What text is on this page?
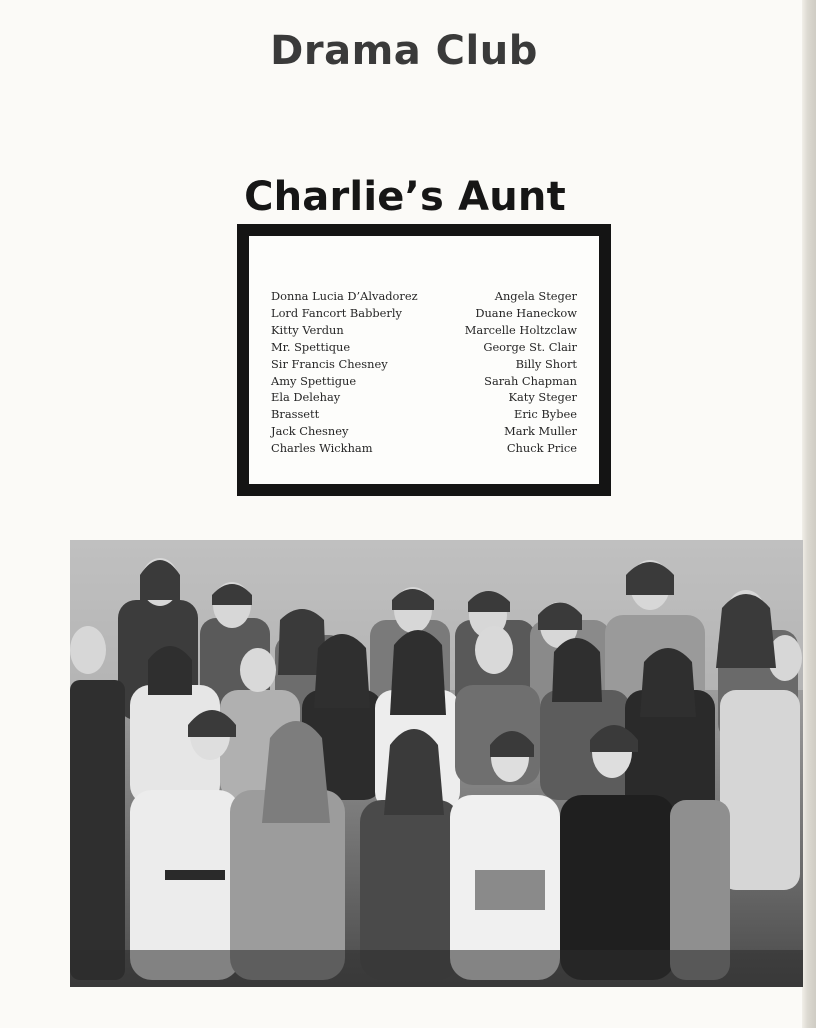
Drama Club
Charlie’s Aunt
Donna Lucia D’Alvadorez
Lord Fancort Babberly
Kitty Verdun
Mr. Spettique
Sir Francis Chesney
Amy Spettigue
Ela Delehay
Brassett
Jack Chesney
Charles Wickham
Angela Steger
Duane Haneckow
Marcelle Holtzclaw
George St. Clair
Billy Short
Sarah Chapman
Katy Steger
Eric Bybee
Mark Muller
Chuck Price
